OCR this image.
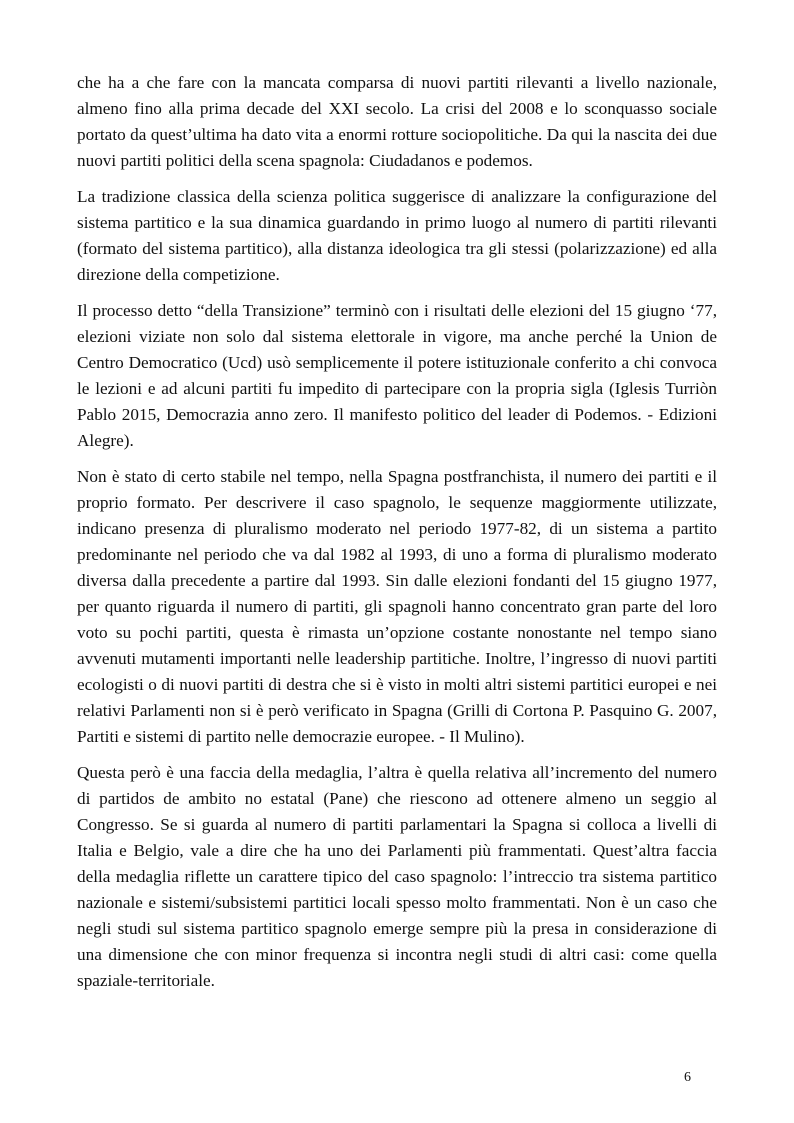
che ha a che fare con la mancata comparsa di nuovi partiti rilevanti a livello nazionale, almeno fino alla prima decade del XXI secolo. La crisi del 2008 e lo sconquasso sociale portato da quest’ultima ha dato vita a enormi rotture sociopolitiche. Da qui la nascita dei due nuovi partiti politici della scena spagnola: Ciudadanos e podemos.

La tradizione classica della scienza politica suggerisce di analizzare la configurazione del sistema partitico e la sua dinamica guardando in primo luogo al numero di partiti rilevanti (formato del sistema partitico), alla distanza ideologica tra gli stessi (polarizzazione) ed alla direzione della competizione.

Il processo detto “della Transizione” terminò con i risultati delle elezioni del 15 giugno ‘77, elezioni viziate non solo dal sistema elettorale in vigore, ma anche perché la Union de Centro Democratico (Ucd) usò semplicemente il potere istituzionale conferito a chi convoca le lezioni e ad alcuni partiti fu impedito di partecipare con la propria sigla (Iglesis Turriòn Pablo 2015, Democrazia anno zero. Il manifesto politico del leader di Podemos. - Edizioni Alegre).

Non è stato di certo stabile nel tempo, nella Spagna postfranchista, il numero dei partiti e il proprio formato. Per descrivere il caso spagnolo, le sequenze maggiormente utilizzate, indicano presenza di pluralismo moderato nel periodo 1977-82, di un sistema a partito predominante nel periodo che va dal 1982 al 1993, di uno a forma di pluralismo moderato diversa dalla precedente a partire dal 1993. Sin dalle elezioni fondanti del 15 giugno 1977, per quanto riguarda il numero di partiti, gli spagnoli hanno concentrato gran parte del loro voto su pochi partiti, questa è rimasta un’opzione costante nonostante nel tempo siano avvenuti mutamenti importanti nelle leadership partitiche. Inoltre, l’ingresso di nuovi partiti ecologisti o di nuovi partiti di destra che si è visto in molti altri sistemi partitici europei e nei relativi Parlamenti non si è però verificato in Spagna (Grilli di Cortona P. Pasquino G. 2007, Partiti e sistemi di partito nelle democrazie europee. - Il Mulino).

Questa però è una faccia della medaglia, l’altra è quella relativa all’incremento del numero di partidos de ambito no estatal (Pane) che riescono ad ottenere almeno un seggio al Congresso. Se si guarda al numero di partiti parlamentari la Spagna si colloca a livelli di Italia e Belgio, vale a dire che ha uno dei Parlamenti più frammentati. Quest’altra faccia della medaglia riflette un carattere tipico del caso spagnolo: l’intreccio tra sistema partitico nazionale e sistemi/subsistemi partitici locali spesso molto frammentati. Non è un caso che negli studi sul sistema partitico spagnolo emerge sempre più la presa in considerazione di una dimensione che con minor frequenza si incontra negli studi di altri casi: come quella spaziale-territoriale.

6
